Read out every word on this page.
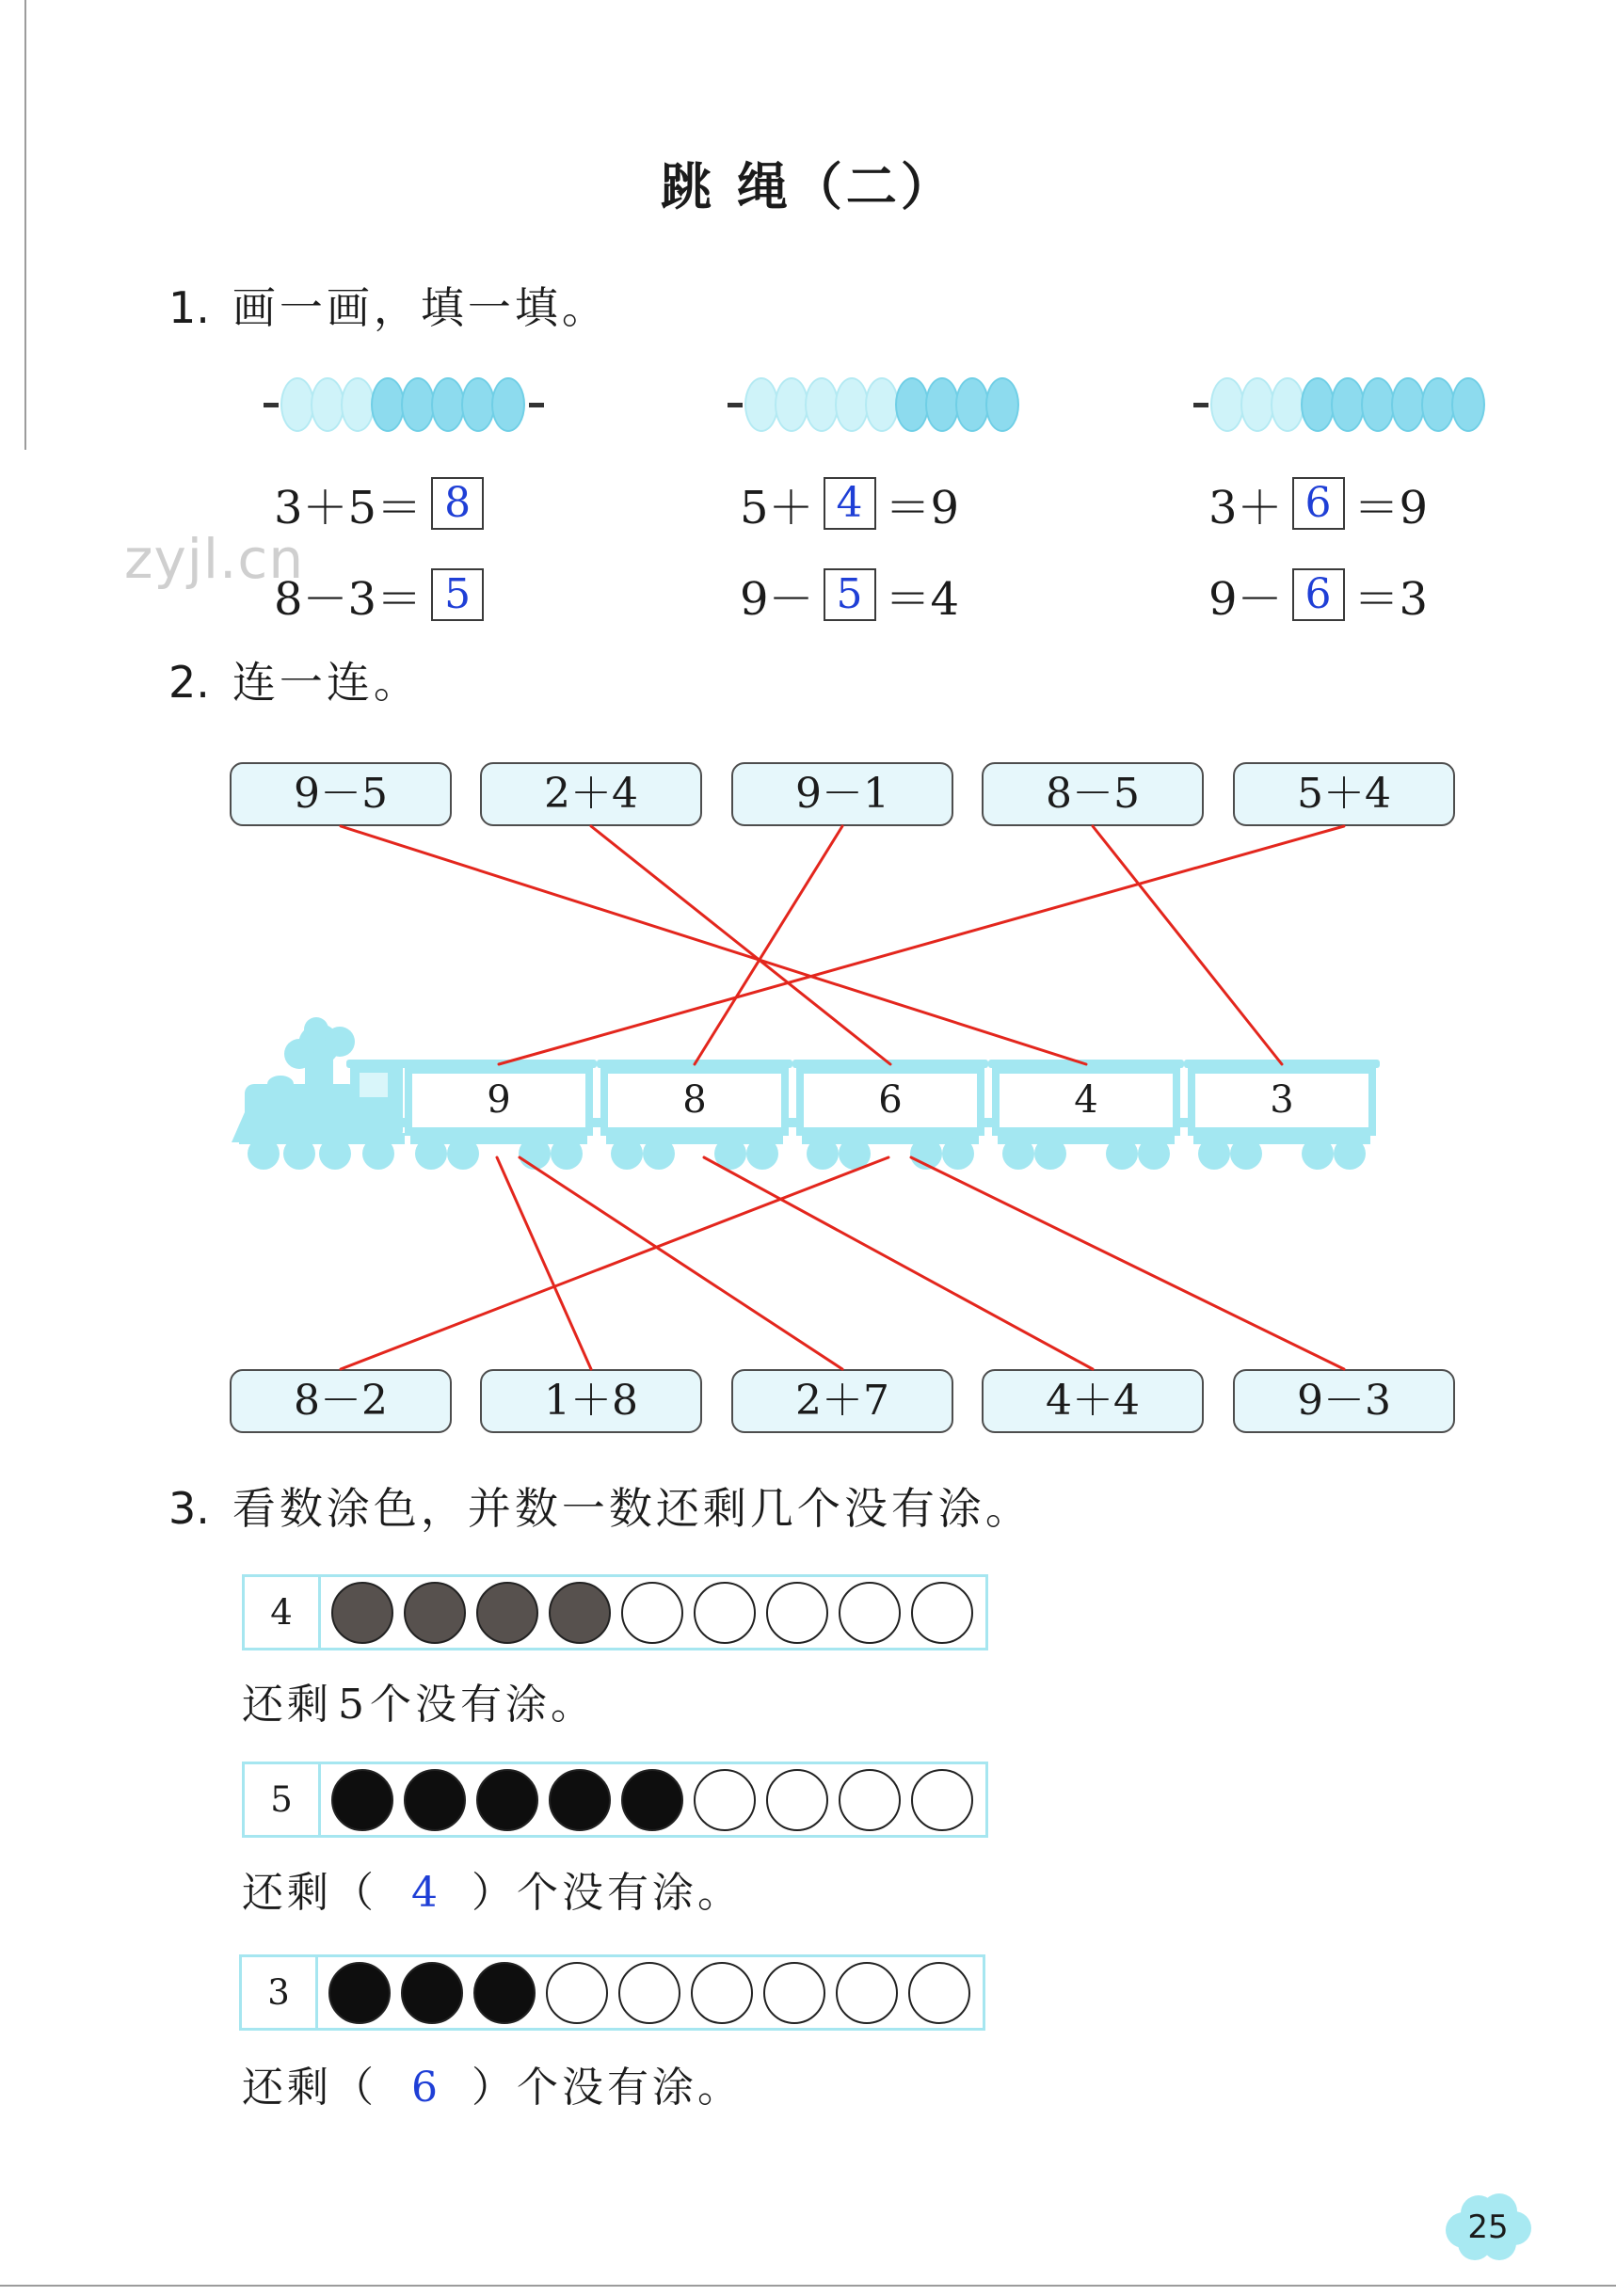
跳 绳（二）
1. 画一画，填一填。
3＋5＝ 8	5＋ 4 ＝9	3＋ 6 ＝9
8－3＝ 5	9－ 5 ＝4	9－ 6 ＝3
zyjl.cn
2. 连一连。
9－5	2＋4	9－1	8－5	5＋4
9	8	6	4	3
8－2	1＋8	2＋7	4＋4	9－3
3. 看数涂色，并数一数还剩几个没有涂。
4
还剩 5 个没有涂。
5
还剩（ 4 ）个没有涂。
3
还剩（ 6 ）个没有涂。
25
